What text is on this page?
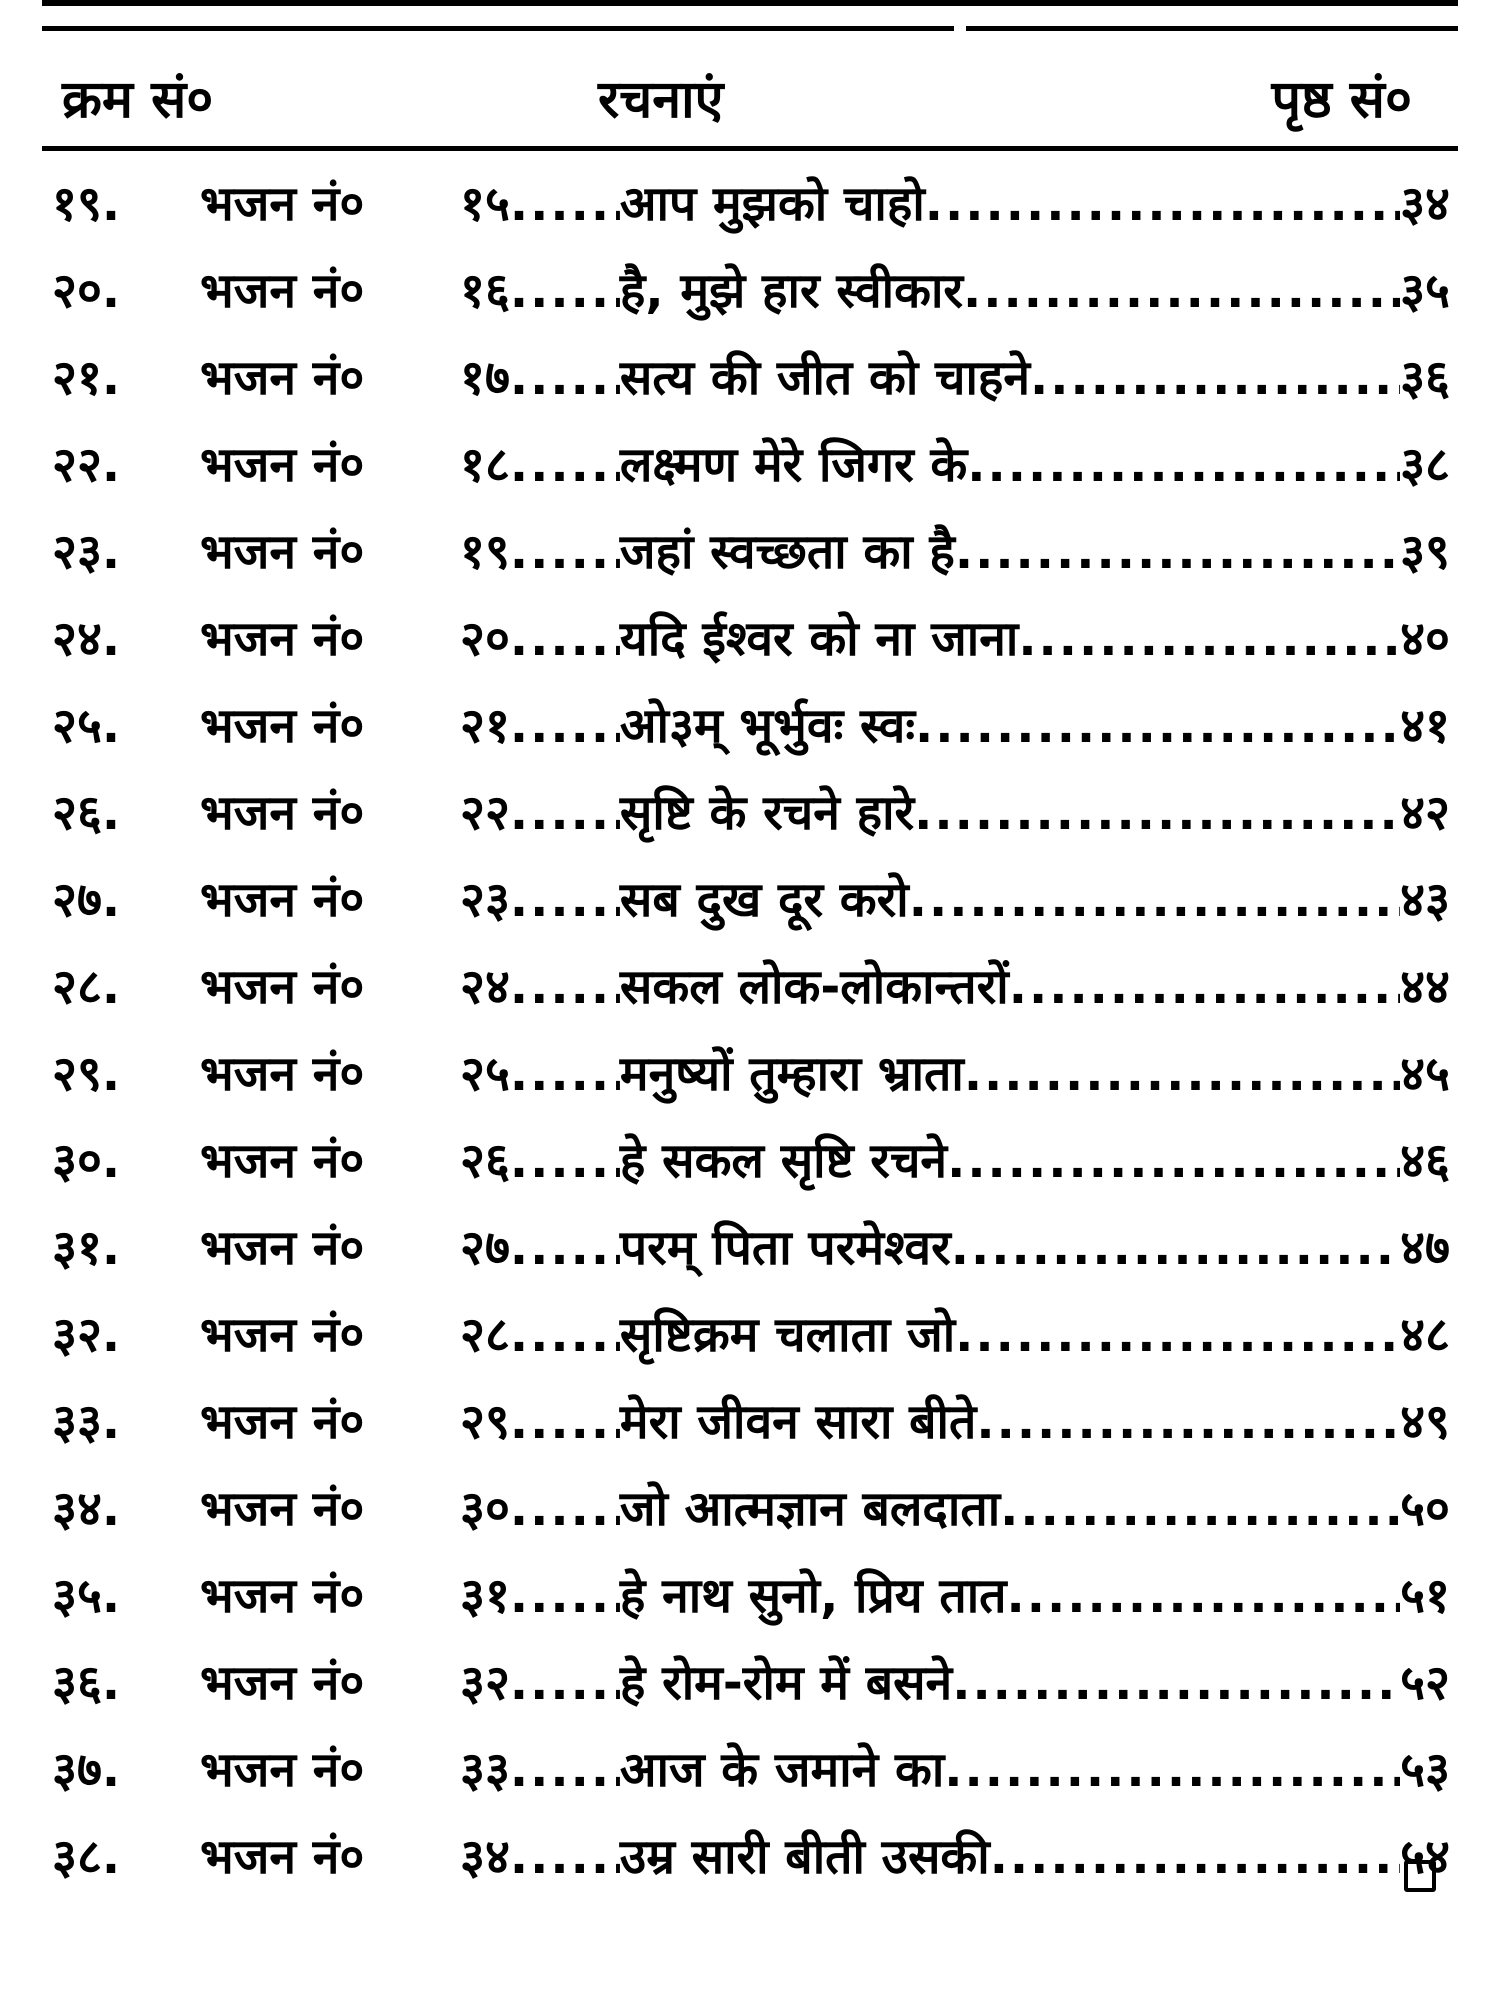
क्रम सं०	रचनाएं	पृष्ठ सं०
१९. भजन नं० १५ ..... आप मुझको चाहो .....	३४
२०. भजन नं० १६ ..... है, मुझे हार स्वीकार .....	३५
२१. भजन नं० १७ ..... सत्य की जीत को चाहने .....	३६
२२. भजन नं० १८ ..... लक्ष्मण मेरे जिगर के .....	३८
२३. भजन नं० १९ ..... जहां स्वच्छता का है .....	३९
२४. भजन नं० २० ..... यदि ईश्वर को ना जाना .....	४०
२५. भजन नं० २१ ..... ओ३म् भूर्भुवः स्वः .....	४१
२६. भजन नं० २२ ..... सृष्टि के रचने हारे .....	४२
२७. भजन नं० २३ ..... सब दुख दूर करो .....	४३
२८. भजन नं० २४ ..... सकल लोक-लोकान्तरों .....	४४
२९. भजन नं० २५ ..... मनुष्यों तुम्हारा भ्राता .....	४५
३०. भजन नं० २६ ..... हे सकल सृष्टि रचने .....	४६
३१. भजन नं० २७ ..... परम् पिता परमेश्वर .....	४७
३२. भजन नं० २८ ..... सृष्टिक्रम चलाता जो .....	४८
३३. भजन नं० २९ ..... मेरा जीवन सारा बीते .....	४९
३४. भजन नं० ३० ..... जो आत्मज्ञान बलदाता .....	५०
३५. भजन नं० ३१ ..... हे नाथ सुनो, प्रिय तात .....	५१
३६. भजन नं० ३२ ..... हे रोम-रोम में बसने .....	५२
३७. भजन नं० ३३ ..... आज के जमाने का .....	५३
३८. भजन नं० ३४ ..... उम्र सारी बीती उसकी .....	५४
